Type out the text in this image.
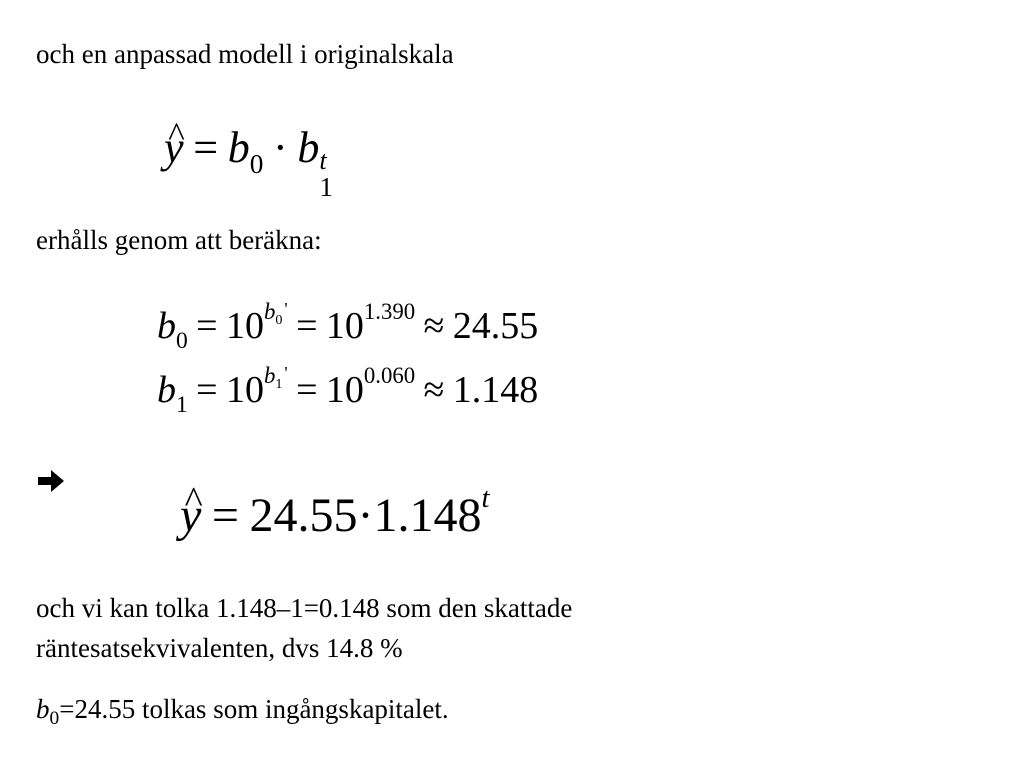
och en anpassad modell i originalskala
^ $y = b_0 \cdot b$ t
1
erhålls genom att beräkna:
$b_0 = 10^{b_0'} = 10^{1.390} \approx 24.55$
$b_1 = 10^{b_1'} = 10^{0.060} \approx 1.148$
^ $y = 24.55\cdot 1.148^t$
och vi kan tolka 1.148–1=0.148 som den skattade
räntesatsekvivalenten, dvs 14.8 %
$b_0=24.55$ tolkas som ingångskapitalet.
